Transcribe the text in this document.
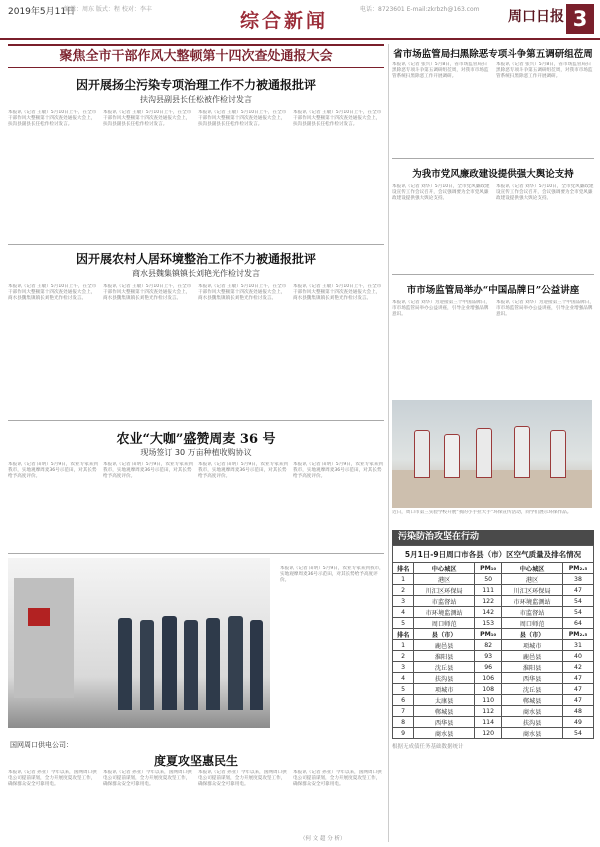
2019年5月11日
编辑：周东 版式：程 校对：李丰
综合新闻
电话：8723601 E-mail:zkrbzh@163.com 周口日报 3
聚焦全市干部作风大整顿第十四次查处通报大会
因开展扬尘污染专项治理工作不力被通报批评
扶沟县副县长任松被作检讨发言
本报讯（记者 王敏）5月10日上午，在全市干部作风大整顿第十四次查处通报大会上，扶沟县副县长任松作检讨发言。
本报讯（记者 王敏）5月10日上午，在全市干部作风大整顿第十四次查处通报大会上，扶沟县副县长任松作检讨发言。
本报讯（记者 王敏）5月10日上午，在全市干部作风大整顿第十四次查处通报大会上，扶沟县副县长任松作检讨发言。
本报讯（记者 王敏）5月10日上午，在全市干部作风大整顿第十四次查处通报大会上，扶沟县副县长任松作检讨发言。
因开展农村人居环境整治工作不力被通报批评
商水县魏集镇镇长刘艳光作检讨发言
本报讯（记者 王敏）5月10日上午，在全市干部作风大整顿第十四次查处通报大会上，商水县魏集镇镇长刘艳光作检讨发言。
本报讯（记者 王敏）5月10日上午，在全市干部作风大整顿第十四次查处通报大会上，商水县魏集镇镇长刘艳光作检讨发言。
本报讯（记者 王敏）5月10日上午，在全市干部作风大整顿第十四次查处通报大会上，商水县魏集镇镇长刘艳光作检讨发言。
本报讯（记者 王敏）5月10日上午，在全市干部作风大整顿第十四次查处通报大会上，商水县魏集镇镇长刘艳光作检讨发言。
农业“大咖”盛赞周麦 36 号
现场签订 30 万亩种植收购协议
本报讯（记者 田明）5月9日，农业专家来到我市，实地观摩周麦36号示范田，对其长势给予高度评价。
本报讯（记者 田明）5月9日，农业专家来到我市，实地观摩周麦36号示范田，对其长势给予高度评价。
本报讯（记者 田明）5月9日，农业专家来到我市，实地观摩周麦36号示范田，对其长势给予高度评价。
本报讯（记者 田明）5月9日，农业专家来到我市，实地观摩周麦36号示范田，对其长势给予高度评价。
本报讯（记者 田明）5月9日，农业专家来到我市，实地观摩周麦36号示范田，对其长势给予高度评价。
国网周口供电公司：
度夏攻坚惠民生
本报讯（记者 孙亚）今年以来，国网周口供电公司提前谋划，全力开展度夏攻坚工作，确保群众安全可靠用电。
本报讯（记者 孙亚）今年以来，国网周口供电公司提前谋划，全力开展度夏攻坚工作，确保群众安全可靠用电。
本报讯（记者 孙亚）今年以来，国网周口供电公司提前谋划，全力开展度夏攻坚工作，确保群众安全可靠用电。
本报讯（记者 孙亚）今年以来，国网周口供电公司提前谋划，全力开展度夏攻坚工作，确保群众安全可靠用电。
省市场监管局扫黑除恶专项斗争第五调研组莅周
本报讯（记者 张兴）5月8日，省市场监管局扫黑除恶专项斗争第五调研组莅周，对我市市场监管系统扫黑除恶工作开展调研。
本报讯（记者 张兴）5月8日，省市场监管局扫黑除恶专项斗争第五调研组莅周，对我市市场监管系统扫黑除恶工作开展调研。
为我市党风廉政建设提供强大舆论支持
本报讯（记者 刘华）5月10日，全市党风廉政建设宣传工作会议召开，会议强调要为全市党风廉政建设提供强大舆论支持。
本报讯（记者 刘华）5月10日，全市党风廉政建设宣传工作会议召开，会议强调要为全市党风廉政建设提供强大舆论支持。
市市场监管局举办“中国品牌日”公益讲座
本报讯（记者 刘华）为迎接第三个中国品牌日，市市场监管局举办公益讲座，引导企业增强品牌意识。
本报讯（记者 刘华）为迎接第三个中国品牌日，市市场监管局举办公益讲座，引导企业增强品牌意识。
近日，周口市第三实验学校开展“我的小手拉大手”环保宣传活动，同学们展示环保作品。
污染防治攻坚在行动
5月1日-9日周口市各县（市）区空气质量及排名情况
排名	中心城区	PM₁₀	中心城区	PM₂.₅
1	港区	50	港区	38
2	川汇区环保局	111	川汇区环保局	47
3	市监督站	122	市环境监测站	54
4	市环境监测站	142	市监督站	54
5	周口师范	153	周口师范	64
排名	县（市）	PM₁₀	县（市）	PM₂.₅
1	鹿邑县	82	项城市	31
2	淮阳县	93	鹿邑县	40
3	沈丘县	96	淮阳县	42
4	扶沟县	106	西华县	47
5	项城市	108	沈丘县	47
6	太康县	110	郸城县	47
7	郸城县	112	商水县	48
8	西华县	114	扶沟县	49
9	商水县	120	商水县	54
根据无成债任务基础数据统计
（何 文 超 分 析）
